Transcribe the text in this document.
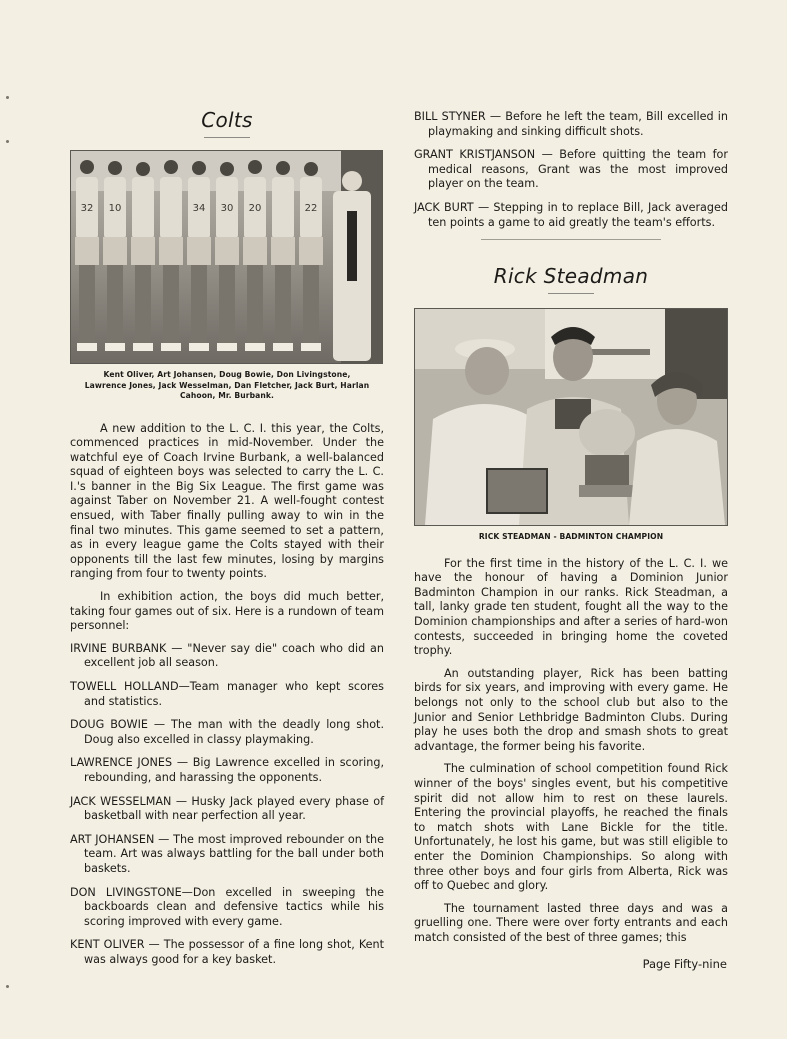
Colts
32 10	34 30 20	22
Kent Oliver, Art Johansen, Doug Bowie, Don Livingstone, Lawrence Jones, Jack Wesselman, Dan Fletcher, Jack Burt, Harlan Cahoon, Mr. Burbank.

A new addition to the L. C. I. this year, the Colts, commenced practices in mid-November. Under the watchful eye of Coach Irvine Burbank, a well-balanced squad of eighteen boys was selected to carry the L. C. I.'s banner in the Big Six League. The first game was against Taber on November 21. A well-fought contest ensued, with Taber finally pulling away to win in the final two minutes. This game seemed to set a pattern, as in every league game the Colts stayed with their opponents till the last few minutes, losing by margins ranging from four to twenty points.

In exhibition action, the boys did much better, taking four games out of six. Here is a rundown of team personnel:

IRVINE BURBANK — "Never say die" coach who did an excellent job all season.
TOWELL HOLLAND—Team manager who kept scores and statistics.
DOUG BOWIE — The man with the deadly long shot. Doug also excelled in classy playmaking.
LAWRENCE JONES — Big Lawrence excelled in scoring, rebounding, and harassing the opponents.
JACK WESSELMAN — Husky Jack played every phase of basketball with near perfection all year.
ART JOHANSEN — The most improved rebounder on the team. Art was always battling for the ball under both baskets.
DON LIVINGSTONE—Don excelled in sweeping the backboards clean and defensive tactics while his scoring improved with every game.
KENT OLIVER — The possessor of a fine long shot, Kent was always good for a key basket.
BILL STYNER — Before he left the team, Bill excelled in playmaking and sinking difficult shots.
GRANT KRISTJANSON — Before quitting the team for medical reasons, Grant was the most improved player on the team.
JACK BURT — Stepping in to replace Bill, Jack averaged ten points a game to aid greatly the team's efforts.
Rick Steadman
RICK STEADMAN - BADMINTON CHAMPION

For the first time in the history of the L. C. I. we have the honour of having a Dominion Junior Badminton Champion in our ranks. Rick Steadman, a tall, lanky grade ten student, fought all the way to the Dominion championships and after a series of hard-won contests, succeeded in bringing home the coveted trophy.

An outstanding player, Rick has been batting birds for six years, and improving with every game. He belongs not only to the school club but also to the Junior and Senior Lethbridge Badminton Clubs. During play he uses both the drop and smash shots to great advantage, the former being his favorite.

The culmination of school competition found Rick winner of the boys' singles event, but his competitive spirit did not allow him to rest on these laurels. Entering the provincial playoffs, he reached the finals to match shots with Lane Bickle for the title. Unfortunately, he lost his game, but was still eligible to enter the Dominion Championships. So along with three other boys and four girls from Alberta, Rick was off to Quebec and glory.

The tournament lasted three days and was a gruelling one. There were over forty entrants and each match consisted of the best of three games; this

Page Fifty-nine
